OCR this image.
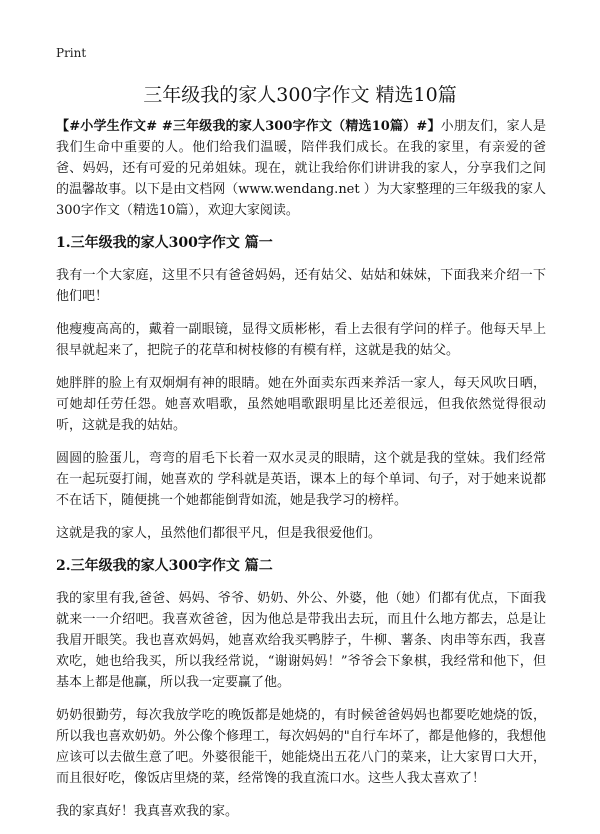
Print
三年级我的家人300字作文 精选10篇

【#小学生作文# #三年级我的家人300字作文（精选10篇）#】小朋友们，家人是我们生命中重要的人。他们给我们温暖，陪伴我们成长。在我的家里，有亲爱的爸爸、妈妈，还有可爱的兄弟姐妹。现在，就让我给你们讲讲我的家人，分享我们之间的温馨故事。以下是由文档网（www.wendang.net ）为大家整理的三年级我的家人300字作文（精选10篇），欢迎大家阅读。

1.三年级我的家人300字作文 篇一

我有一个大家庭，这里不只有爸爸妈妈，还有姑父、姑姑和妹妹，下面我来介绍一下他们吧！

他瘦瘦高高的，戴着一副眼镜，显得文质彬彬，看上去很有学问的样子。他每天早上很早就起来了，把院子的花草和树枝修的有模有样，这就是我的姑父。

她胖胖的脸上有双炯炯有神的眼睛。她在外面卖东西来养活一家人，每天风吹日晒，可她却任劳任怨。她喜欢唱歌，虽然她唱歌跟明星比还差很远，但我依然觉得很动听，这就是我的姑姑。

圆圆的脸蛋儿，弯弯的眉毛下长着一双水灵灵的眼睛，这个就是我的堂妹。我们经常在一起玩耍打闹，她喜欢的 学科就是英语，课本上的每个单词、句子，对于她来说都不在话下，随便挑一个她都能倒背如流，她是我学习的榜样。

这就是我的家人，虽然他们都很平凡，但是我很爱他们。

2.三年级我的家人300字作文 篇二

我的家里有我,爸爸、妈妈、爷爷、奶奶、外公、外婆，他（她）们都有优点，下面我就来一一介绍吧。我喜欢爸爸，因为他总是带我出去玩，而且什么地方都去，总是让我眉开眼笑。我也喜欢妈妈，她喜欢给我买鸭脖子，牛柳、薯条、肉串等东西，我喜欢吃，她也给我买，所以我经常说，“谢谢妈妈！”爷爷会下象棋，我经常和他下，但基本上都是他赢，所以我一定要赢了他。

奶奶很勤劳，每次我放学吃的晚饭都是她烧的，有时候爸爸妈妈也都要吃她烧的饭，所以我也喜欢奶奶。外公像个修理工，每次妈妈的"自行车坏了，都是他修的，我想他应该可以去做生意了吧。外婆很能干，她能烧出五花八门的菜来，让大家胃口大开，而且很好吃，像饭店里烧的菜，经常馋的我直流口水。这些人我太喜欢了！

我的家真好！我真喜欢我的家。
